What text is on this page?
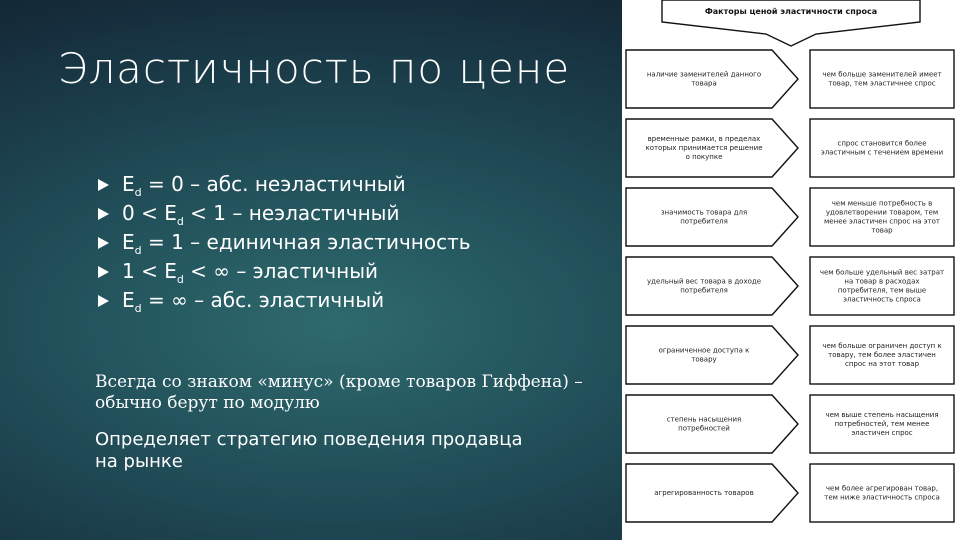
Эластичность по цене
$E_d = 0$ – абс. неэластичный
$0 < E_d < 1$ – неэластичный
$E_d = 1$ – единичная эластичность
$1 < E_d$ < ∞ – эластичный
$E_d$ = ∞ – абс. эластичный

Всегда со знаком «минус» (кроме товаров Гиффена) – обычно берут по модулю

Определяет стратегию поведения продавца на рынке

Факторы ценой эластичности спроса
наличие заменителей данного товара
чем больше заменителей имеет товар, тем эластичнее спрос
временные рамки, в пределах которых принимается решение о покупке
спрос становится более эластичным с течением времени
значимость товара для потребителя
чем меньше потребность в удовлетворении товаром, тем менее эластичен спрос на этот товар
удельный вес товара в доходе потребителя
чем больше удельный вес затрат на товар в расходах потребителя, тем выше эластичность спроса
ограниченное доступа к товару
чем больше ограничен доступ к товару, тем более эластичен спрос на этот товар
степень насыщения потребностей
чем выше степень насыщения потребностей, тем менее эластичен спрос
агрегированность товаров
чем более агрегирован товар, тем ниже эластичность спроса
